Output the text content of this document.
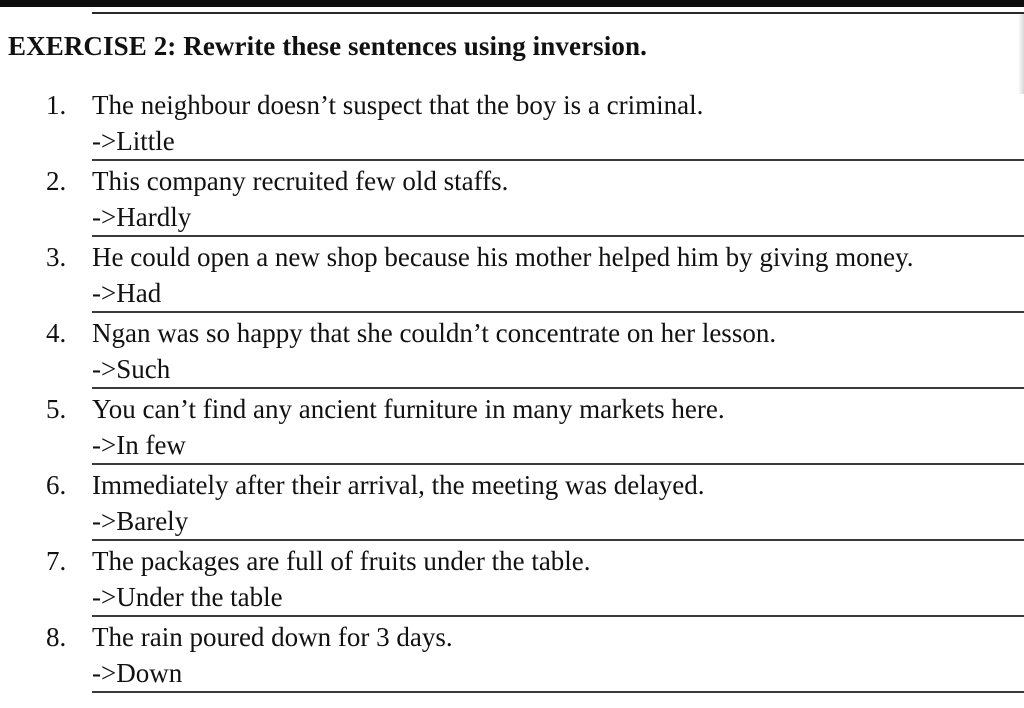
EXERCISE 2: Rewrite these sentences using inversion.
1. The neighbour doesn’t suspect that the boy is a criminal.
->Little
2. This company recruited few old staffs.
->Hardly
3. He could open a new shop because his mother helped him by giving money.
->Had
4. Ngan was so happy that she couldn’t concentrate on her lesson.
->Such
5. You can’t find any ancient furniture in many markets here.
->In few
6. Immediately after their arrival, the meeting was delayed.
->Barely
7. The packages are full of fruits under the table.
->Under the table
8. The rain poured down for 3 days.
->Down
